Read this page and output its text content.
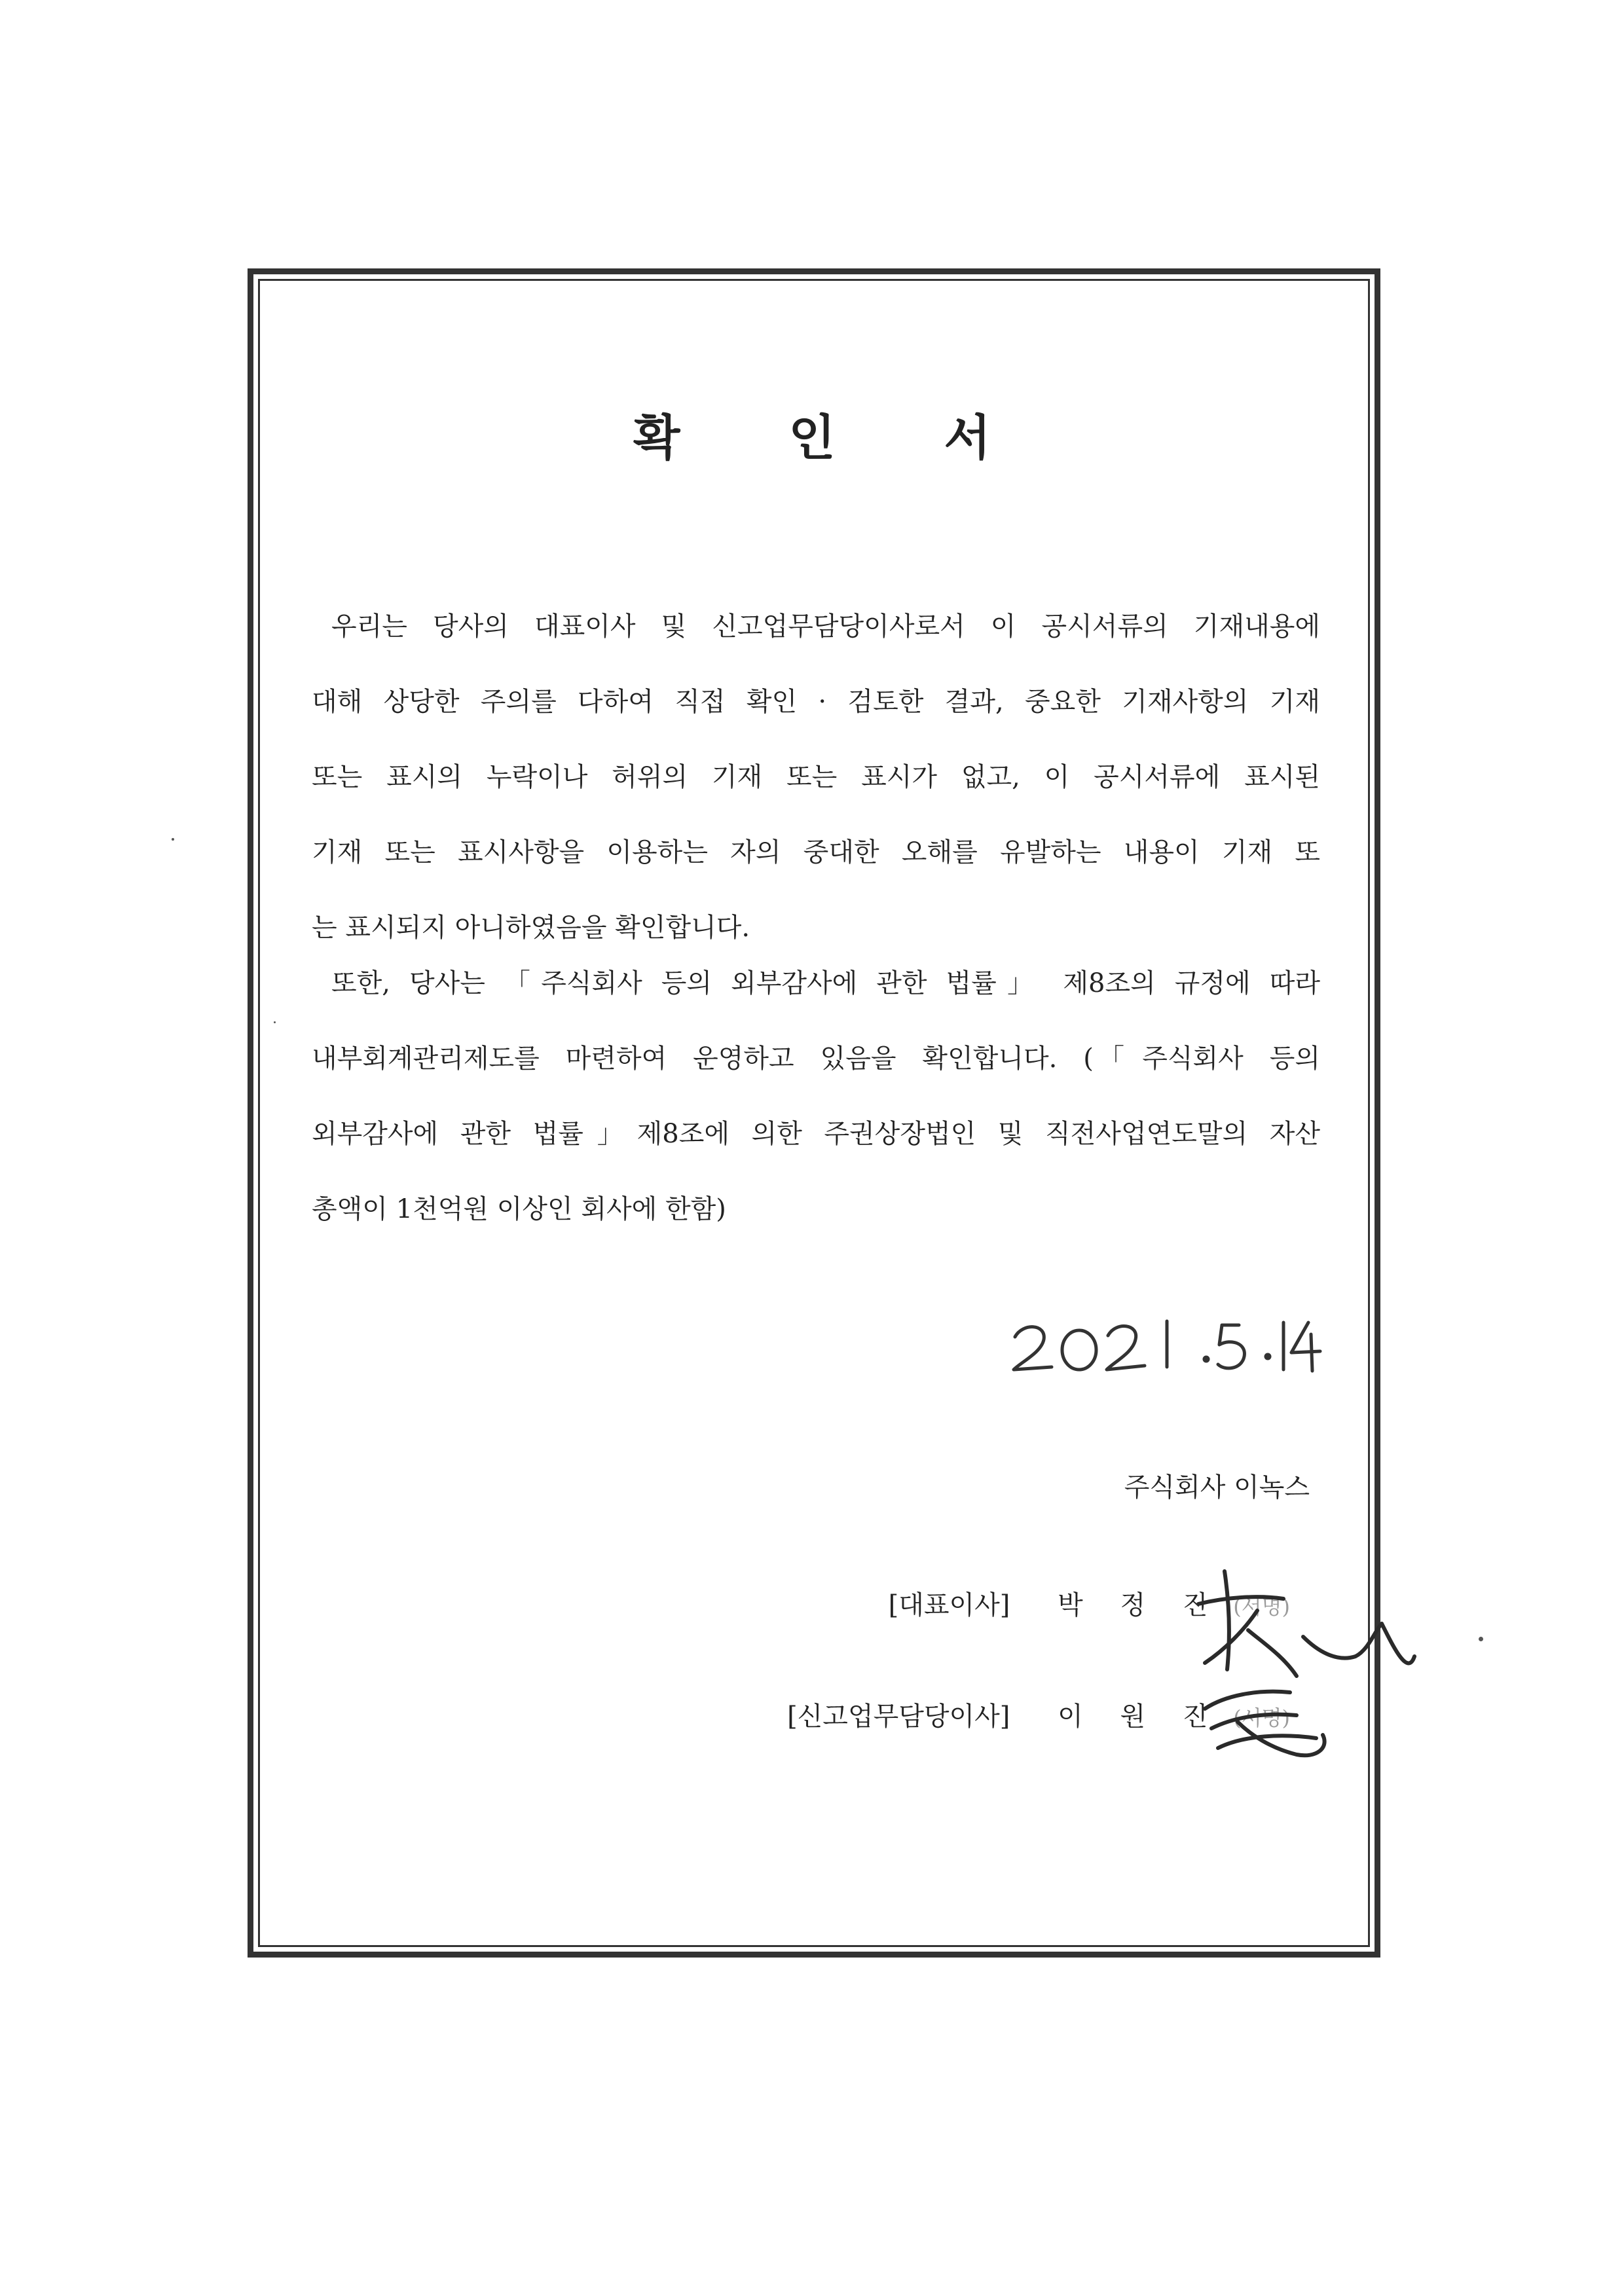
확 인 서
우리는 당사의 대표이사 및 신고업무담당이사로서 이 공시서류의 기재내용에
대해 상당한 주의를 다하여 직접 확인 · 검토한 결과, 중요한 기재사항의 기재
또는 표시의 누락이나 허위의 기재 또는 표시가 없고, 이 공시서류에 표시된
기재 또는 표시사항을 이용하는 자의 중대한 오해를 유발하는 내용이 기재 또
는 표시되지 아니하였음을 확인합니다.
또한, 당사는 「주식회사 등의 외부감사에 관한 법률」 제8조의 규정에 따라
내부회계관리제도를 마련하여 운영하고 있음을 확인합니다. (「주식회사 등의
외부감사에 관한 법률」제8조에 의한 주권상장법인 및 직전사업연도말의 자산
총액이 1천억원 이상인 회사에 한함)

주식회사 이녹스

[대표이사] 박 정 진 (서명)
[신고업무담당이사] 이 원 진 (서명)
